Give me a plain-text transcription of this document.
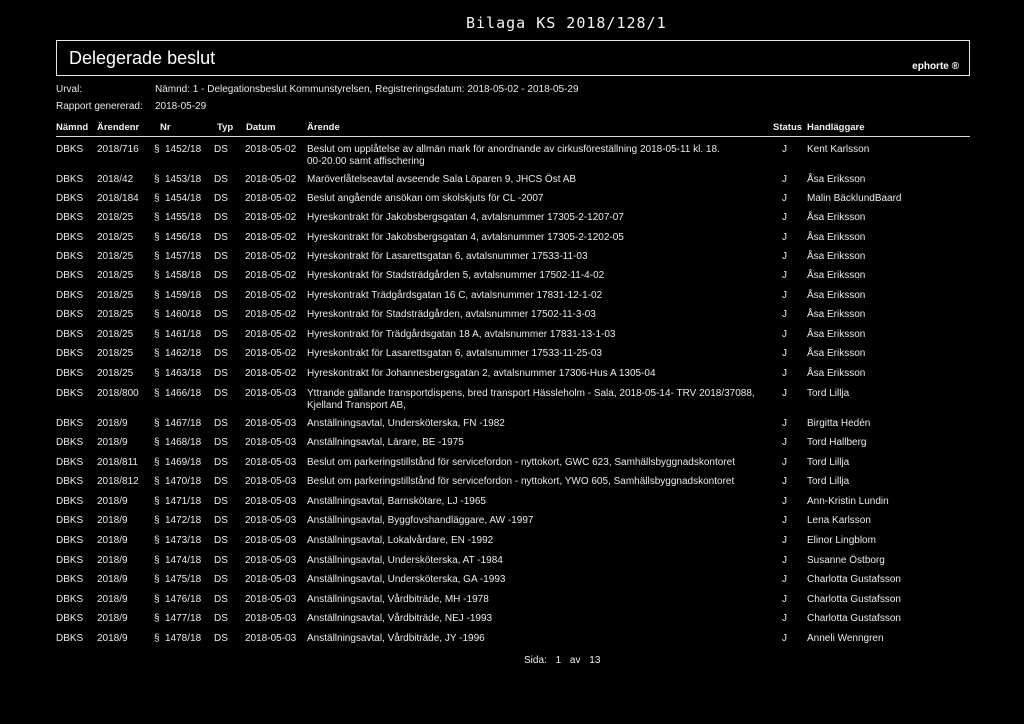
Bilaga KS 2018/128/1
Delegerade beslut	ephorte ®
Urval:	Nämnd: 1 - Delegationsbeslut Kommunstyrelsen, Registreringsdatum: 2018-05-02 - 2018-05-29
Rapport genererad: 2018-05-29
Nämnd Ärendenr Nr	Typ Datum	Ärende	Status Handläggare
DBKS 2018/716 § 1452/18 DS 2018-05-02 Beslut om upplåtelse av allmän mark för anordnande av cirkusföreställning 2018-05-11 kl. 18.	J Kent Karlsson
00-20.00 samt affischering
DBKS 2018/42 § 1453/18 DS 2018-05-02 Maröverlåtelseavtal avseende Sala Löparen 9, JHCS Öst AB	J Åsa Eriksson
DBKS 2018/184 § 1454/18 DS 2018-05-02 Beslut angående ansökan om skolskjuts för CL -2007	J Malin BäcklundBaard
DBKS 2018/25 § 1455/18 DS 2018-05-02 Hyreskontrakt för Jakobsbergsgatan 4, avtalsnummer 17305-2-1207-07	J Åsa Eriksson
DBKS 2018/25 § 1456/18 DS 2018-05-02 Hyreskontrakt för Jakobsbergsgatan 4, avtalsnummer 17305-2-1202-05	J Åsa Eriksson
DBKS 2018/25 § 1457/18 DS 2018-05-02 Hyreskontrakt för Lasarettsgatan 6, avtalsnummer 17533-11-03	J Åsa Eriksson
DBKS 2018/25 § 1458/18 DS 2018-05-02 Hyreskontrakt för Stadsträdgården 5, avtalsnummer 17502-11-4-02	J Åsa Eriksson
DBKS 2018/25 § 1459/18 DS 2018-05-02 Hyreskontrakt Trädgårdsgatan 16 C, avtalsnummer 17831-12-1-02	J Åsa Eriksson
DBKS 2018/25 § 1460/18 DS 2018-05-02 Hyreskontrakt för Stadsträdgården, avtalsnummer 17502-11-3-03	J Åsa Eriksson
DBKS 2018/25 § 1461/18 DS 2018-05-02 Hyreskontrakt för Trädgårdsgatan 18 A, avtalsnummer 17831-13-1-03	J Åsa Eriksson
DBKS 2018/25 § 1462/18 DS 2018-05-02 Hyreskontrakt för Lasarettsgatan 6, avtalsnummer 17533-11-25-03	J Åsa Eriksson
DBKS 2018/25 § 1463/18 DS 2018-05-02 Hyreskontrakt för Johannesbergsgatan 2, avtalsnummer 17306-Hus A 1305-04	J Åsa Eriksson
DBKS 2018/800 § 1466/18 DS 2018-05-03 Yttrande gällande transportdispens, bred transport Hässleholm - Sala, 2018-05-14- TRV 2018/37088,	J Tord Lillja
Kjelland Transport AB,
DBKS 2018/9	§ 1467/18 DS 2018-05-03 Anställningsavtal, Undersköterska, FN -1982	J Birgitta Hedén
DBKS 2018/9	§ 1468/18 DS 2018-05-03 Anställningsavtal, Lärare, BE -1975	J Tord Hallberg
DBKS 2018/811 § 1469/18 DS 2018-05-03 Beslut om parkeringstillstånd för servicefordon - nyttokort, GWC 623, Samhällsbyggnadskontoret	J Tord Lillja
DBKS 2018/812 § 1470/18 DS 2018-05-03 Beslut om parkeringstillstånd för servicefordon - nyttokort, YWO 605, Samhällsbyggnadskontoret	J Tord Lillja
DBKS 2018/9	§ 1471/18 DS 2018-05-03 Anställningsavtal, Barnskötare, LJ -1965	J Ann-Kristin Lundin
DBKS 2018/9	§ 1472/18 DS 2018-05-03 Anställningsavtal, Byggfovshandläggare, AW -1997	J Lena Karlsson
DBKS 2018/9	§ 1473/18 DS 2018-05-03 Anställningsavtal, Lokalvårdare, EN -1992	J Elinor Lingblom
DBKS 2018/9	§ 1474/18 DS 2018-05-03 Anställningsavtal, Undersköterska, AT -1984	J Susanne Östborg
DBKS 2018/9	§ 1475/18 DS 2018-05-03 Anställningsavtal, Undersköterska, GA -1993	J Charlotta Gustafsson
DBKS 2018/9	§ 1476/18 DS 2018-05-03 Anställningsavtal, Vårdbiträde, MH -1978	J Charlotta Gustafsson
DBKS 2018/9	§ 1477/18 DS 2018-05-03 Anställningsavtal, Vårdbiträde, NEJ -1993	J Charlotta Gustafsson
DBKS 2018/9	§ 1478/18 DS 2018-05-03 Anställningsavtal, Vårdbiträde, JY -1996	J Anneli Wenngren
Sida: 1 av 13
